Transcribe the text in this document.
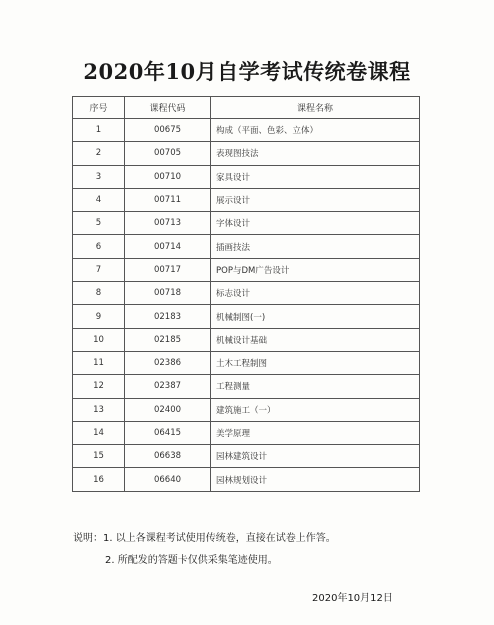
2020年10月自学考试传统卷课程
序号	课程代码	课程名称
1	00675	构成（平面、色彩、立体）
2	00705	表现图技法
3	00710	家具设计
4	00711	展示设计
5	00713	字体设计
6	00714	插画技法
7	00717	POP与DM广告设计
8	00718	标志设计
9	02183	机械制图(一)
10	02185	机械设计基础
11	02386	土木工程制图
12	02387	工程测量
13	02400	建筑施工（一）
14	06415	美学原理
15	06638	园林建筑设计
16	06640	园林规划设计
说明：1. 以上各课程考试使用传统卷，直接在试卷上作答。
2. 所配发的答题卡仅供采集笔迹使用。
2020年10月12日
